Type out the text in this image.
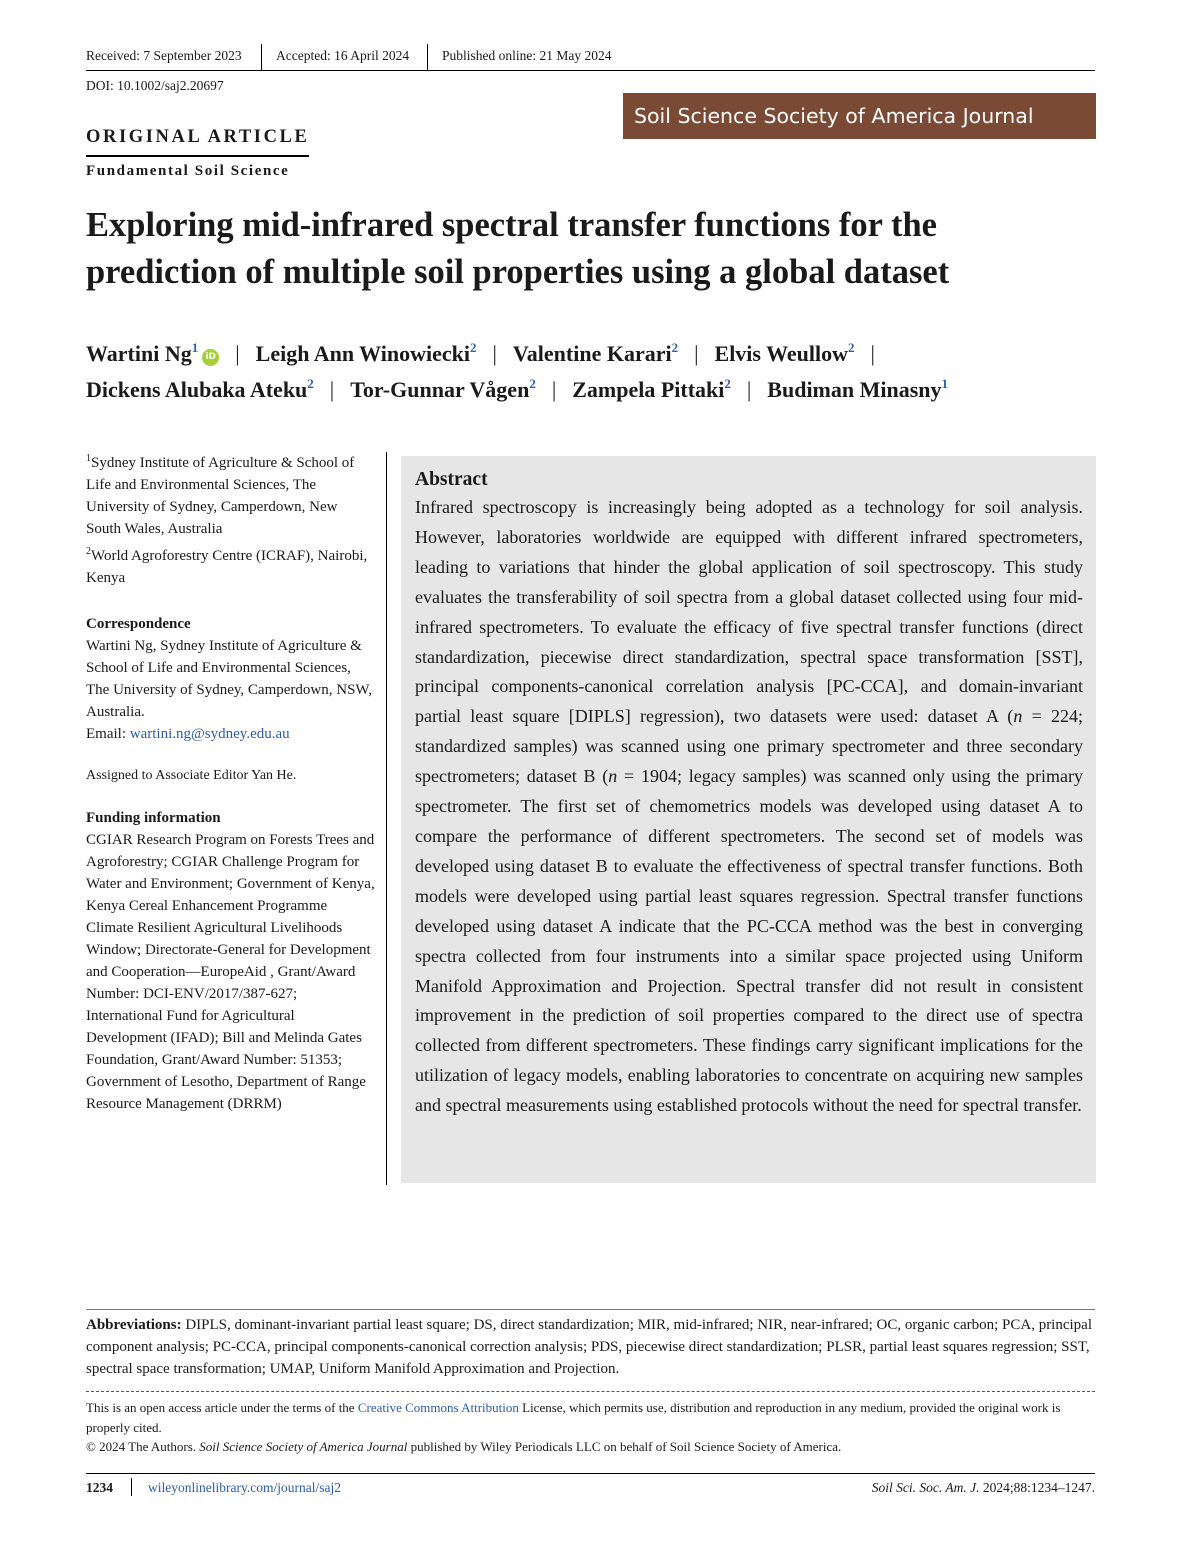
Received: 7 September 2023	Accepted: 16 April 2024 Published online: 21 May 2024
DOI: 10.1002/saj2.20697
Soil Science Society of America Journal
ORIGINAL ARTICLE
Fundamental Soil Science
Exploring mid-infrared spectral transfer functions for the prediction of multiple soil properties using a global dataset
Wartini Ng$^1$iD | Leigh Ann Winowiecki$^2$ | Valentine Karari$^2$ | Elvis Weullow$^2$ |
Dickens Alubaka Ateku$^2$ | Tor-Gunnar Vågen$^2$ | Zampela Pittaki$^2$ | Budiman Minasny$^1$

$^1$Sydney Institute of Agriculture & School of Life and Environmental Sciences, The University of Sydney, Camperdown, New South Wales, Australia

$^2$World Agroforestry Centre (ICRAF), Nairobi, Kenya

Correspondence

Wartini Ng, Sydney Institute of Agriculture & School of Life and Environmental Sciences, The University of Sydney, Camperdown, NSW, Australia.

Email: wartini.ng@sydney.edu.au

Assigned to Associate Editor Yan He.

Funding information

CGIAR Research Program on Forests Trees and Agroforestry; CGIAR Challenge Program for Water and Environment; Government of Kenya, Kenya Cereal Enhancement Programme Climate Resilient Agricultural Livelihoods Window; Directorate-General for Development and Cooperation—EuropeAid , Grant/Award Number: DCI-ENV/2017/387-627; International Fund for Agricultural Development (IFAD); Bill and Melinda Gates Foundation, Grant/Award Number: 51353; Government of Lesotho, Department of Range Resource Management (DRRM)

Abstract

Infrared spectroscopy is increasingly being adopted as a technology for soil analysis. However, laboratories worldwide are equipped with different infrared spectrometers, leading to variations that hinder the global application of soil spectroscopy. This study evaluates the transferability of soil spectra from a global dataset collected using four mid-infrared spectrometers. To evaluate the efficacy of five spectral transfer functions (direct standardization, piecewise direct standardization, spectral space transformation [SST], principal components-canonical correlation analysis [PC-CCA], and domain-invariant partial least square [DIPLS] regression), two datasets were used: dataset A (n = 224; standardized samples) was scanned using one primary spectrometer and three secondary spectrometers; dataset B (n = 1904; legacy samples) was scanned only using the primary spectrometer. The first set of chemometrics models was developed using dataset A to compare the performance of different spectrometers. The second set of models was developed using dataset B to evaluate the effectiveness of spectral transfer functions. Both models were developed using partial least squares regression. Spectral transfer functions developed using dataset A indicate that the PC-CCA method was the best in converging spectra collected from four instruments into a similar space projected using Uniform Manifold Approximation and Projection. Spectral transfer did not result in consistent improvement in the prediction of soil properties compared to the direct use of spectra collected from different spectrometers. These findings carry significant implications for the utilization of legacy models, enabling laboratories to concentrate on acquiring new samples and spectral measurements using established protocols without the need for spectral transfer.

Abbreviations: DIPLS, dominant-invariant partial least square; DS, direct standardization; MIR, mid-infrared; NIR, near-infrared; OC, organic carbon; PCA, principal component analysis; PC-CCA, principal components-canonical correction analysis; PDS, piecewise direct standardization; PLSR, partial least squares regression; SST, spectral space transformation; UMAP, Uniform Manifold Approximation and Projection.

This is an open access article under the terms of the Creative Commons Attribution License, which permits use, distribution and reproduction in any medium, provided the original work is properly cited.

© 2024 The Authors. Soil Science Society of America Journal published by Wiley Periodicals LLC on behalf of Soil Science Society of America.

1234	wileyonlinelibrary.com/journal/saj2	Soil Sci. Soc. Am. J. 2024;88:1234–1247.
